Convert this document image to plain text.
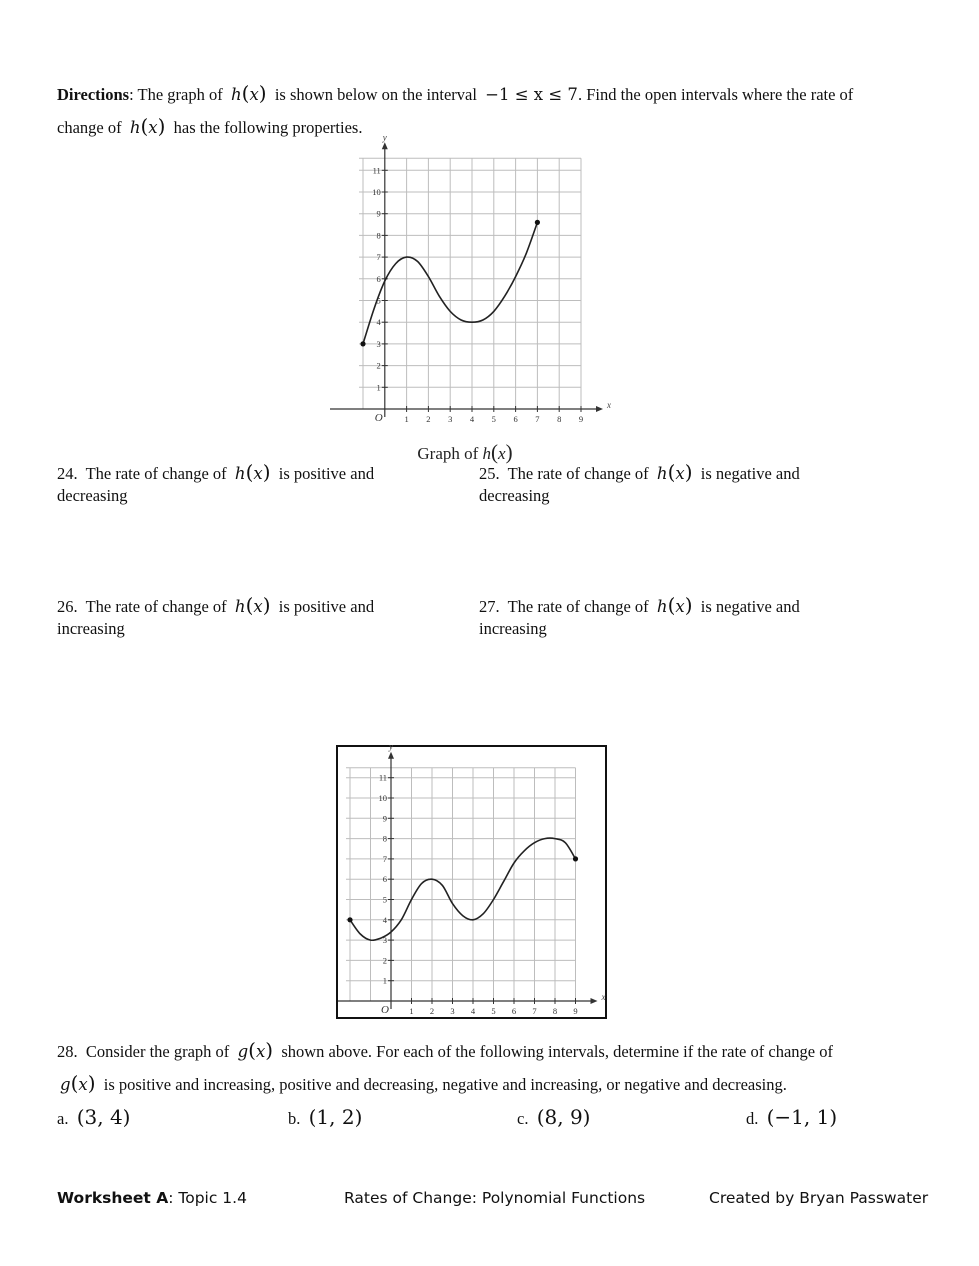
Directions: The graph of h(x) is shown below on the interval −1 ≤ x ≤ 7. Find the open intervals where the rate of
change of h(x) has the following properties.
x
y
O	1 2 3 4 5 6 7 8 9
1
2
3
4
5
6
7
8
9
10
11
Graph of h(x)
24. The rate of change of h(x) is positive and
decreasing
25. The rate of change of h(x) is negative and
decreasing
26. The rate of change of h(x) is positive and
increasing
27. The rate of change of h(x) is negative and
increasing
x
y
O 1 2 3 4 5 6 7 8 9
1
2
3
4
5
6
7
8
9
10
11
28. Consider the graph of g(x) shown above. For each of the following intervals, determine if the rate of change of
g(x) is positive and increasing, positive and decreasing, negative and increasing, or negative and decreasing.
a. (3, 4)	b. (1, 2)	c. (8, 9)	d. (−1, 1)
Worksheet A: Topic 1.4	Rates of Change: Polynomial Functions	Created by Bryan Passwater
